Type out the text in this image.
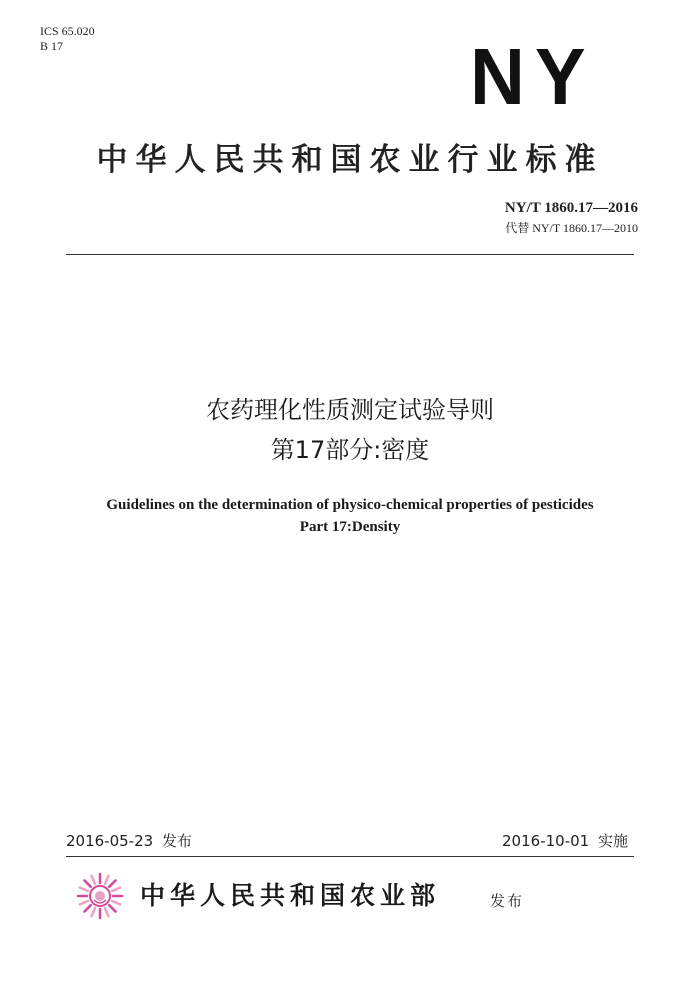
ICS 65.020
B 17	NY
中华人民共和国农业行业标准
NY/T 1860.17—2016
代替 NY/T 1860.17—2010
农药理化性质测定试验导则
第17部分:密度
Guidelines on the determination of physico-chemical properties of pesticides
Part 17:Density
2016-05-23 发布	2016-10-01 实施
中华人民共和国农业部	发布
